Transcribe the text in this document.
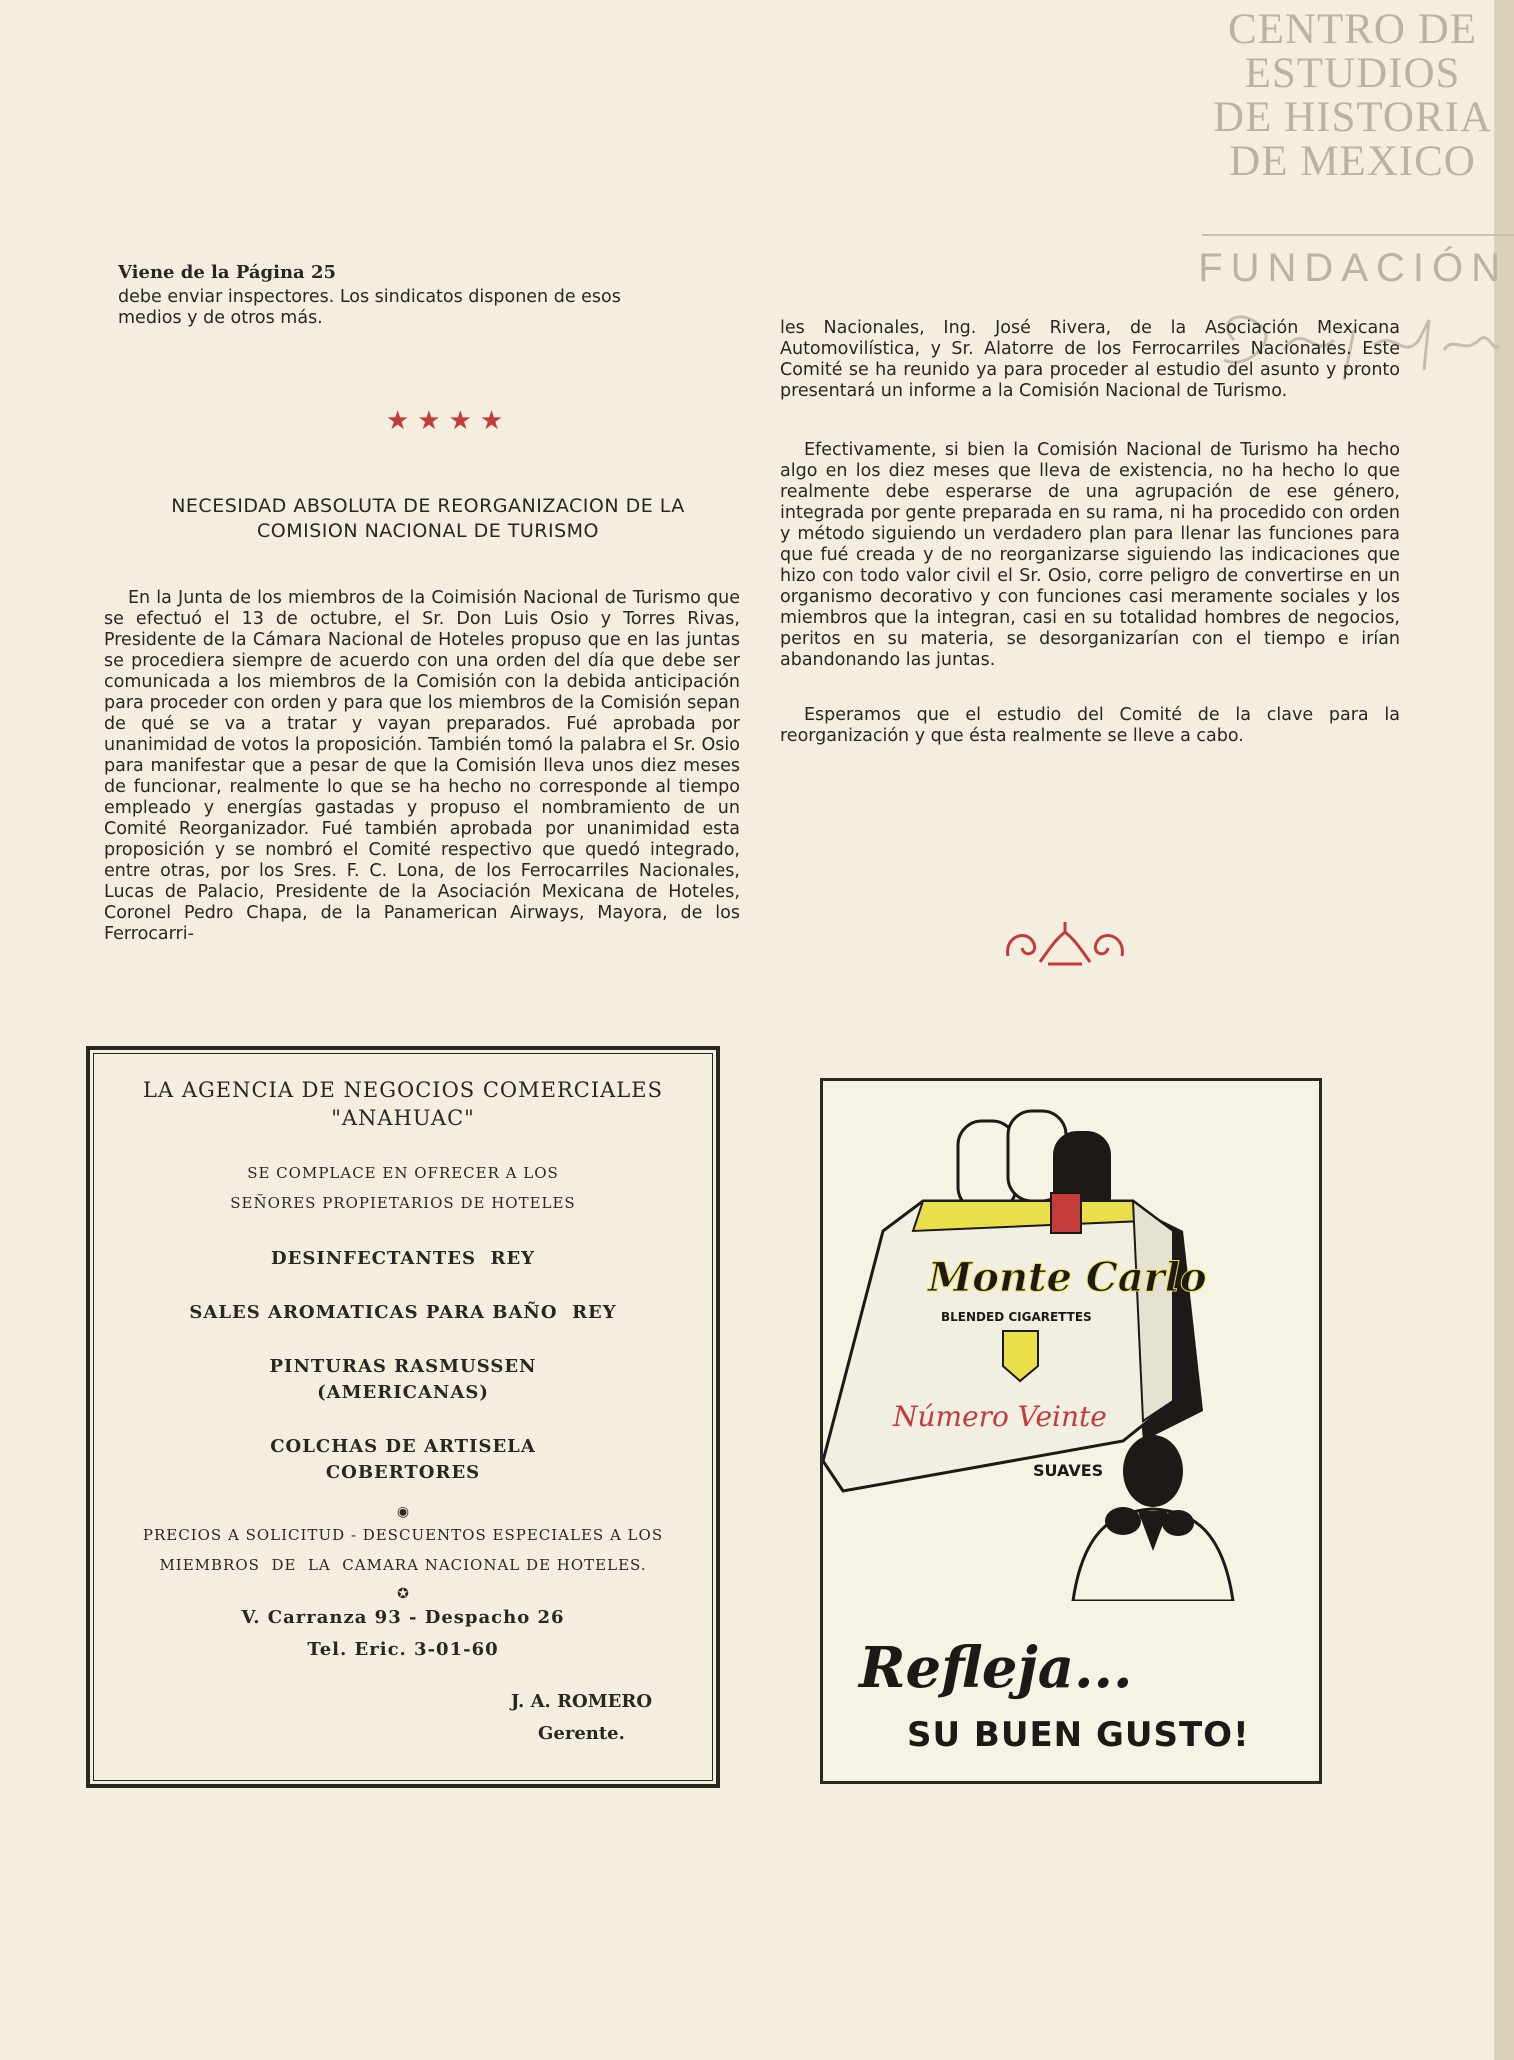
CENTRO DE
ESTUDIOS
DE HISTORIA
DE MEXICO
FUNDACIÓN
Viene de la Página 25
debe enviar inspectores. Los sindicatos disponen de esos medios y de otros más.
★★★★
NECESIDAD ABSOLUTA DE REORGANIZACION DE LA COMISION NACIONAL DE TURISMO

En la Junta de los miembros de la Coimisión Nacional de Turismo que se efectuó el 13 de octubre, el Sr. Don Luis Osio y Torres Rivas, Presidente de la Cámara Nacional de Hoteles propuso que en las juntas se procediera siempre de acuerdo con una orden del día que debe ser comunicada a los miembros de la Comisión con la debida anticipación para proceder con orden y para que los miembros de la Comisión sepan de qué se va a tratar y vayan preparados. Fué aprobada por unanimidad de votos la proposición. También tomó la palabra el Sr. Osio para manifestar que a pesar de que la Comisión lleva unos diez meses de funcionar, realmente lo que se ha hecho no corresponde al tiempo empleado y energías gastadas y propuso el nombramiento de un Comité Reorganizador. Fué también aprobada por unanimidad esta proposición y se nombró el Comité respectivo que quedó integrado, entre otras, por los Sres. F. C. Lona, de los Ferrocarriles Nacionales, Lucas de Palacio, Presidente de la Asociación Mexicana de Hoteles, Coronel Pedro Chapa, de la Panamerican Airways, Mayora, de los Ferrocarri-

les Nacionales, Ing. José Rivera, de la Asociación Mexicana Automovilística, y Sr. Alatorre de los Ferrocarriles Nacionales. Este Comité se ha reunido ya para proceder al estudio del asunto y pronto presentará un informe a la Comisión Nacional de Turismo.

Efectivamente, si bien la Comisión Nacional de Turismo ha hecho algo en los diez meses que lleva de existencia, no ha hecho lo que realmente debe esperarse de una agrupación de ese género, integrada por gente preparada en su rama, ni ha procedido con orden y método siguiendo un verdadero plan para llenar las funciones para que fué creada y de no reorganizarse siguiendo las indicaciones que hizo con todo valor civil el Sr. Osio, corre peligro de convertirse en un organismo decorativo y con funciones casi meramente sociales y los miembros que la integran, casi en su totalidad hombres de negocios, peritos en su materia, se desorganizarían con el tiempo e irían abandonando las juntas.

Esperamos que el estudio del Comité de la clave para la reorganización y que ésta realmente se lleve a cabo.

LA AGENCIA DE NEGOCIOS COMERCIALES
"ANAHUAC"
SE COMPLACE EN OFRECER A LOS
SEÑORES PROPIETARIOS DE HOTELES
DESINFECTANTES  REY
SALES AROMATICAS PARA BAÑO  REY
PINTURAS RASMUSSEN
(AMERICANAS)
COLCHAS DE ARTISELA
COBERTORES
◉
PRECIOS A SOLICITUD - DESCUENTOS ESPECIALES A LOS
MIEMBROS  DE  LA  CAMARA NACIONAL DE HOTELES.
✪
V. Carranza 93 - Despacho 26
Tel. Eric. 3-01-60
J. A. ROMERO
Gerente.
Monte Carlo
BLENDED CIGARETTES
Número Veinte
SUAVES
Refleja...
SU BUEN GUSTO!
